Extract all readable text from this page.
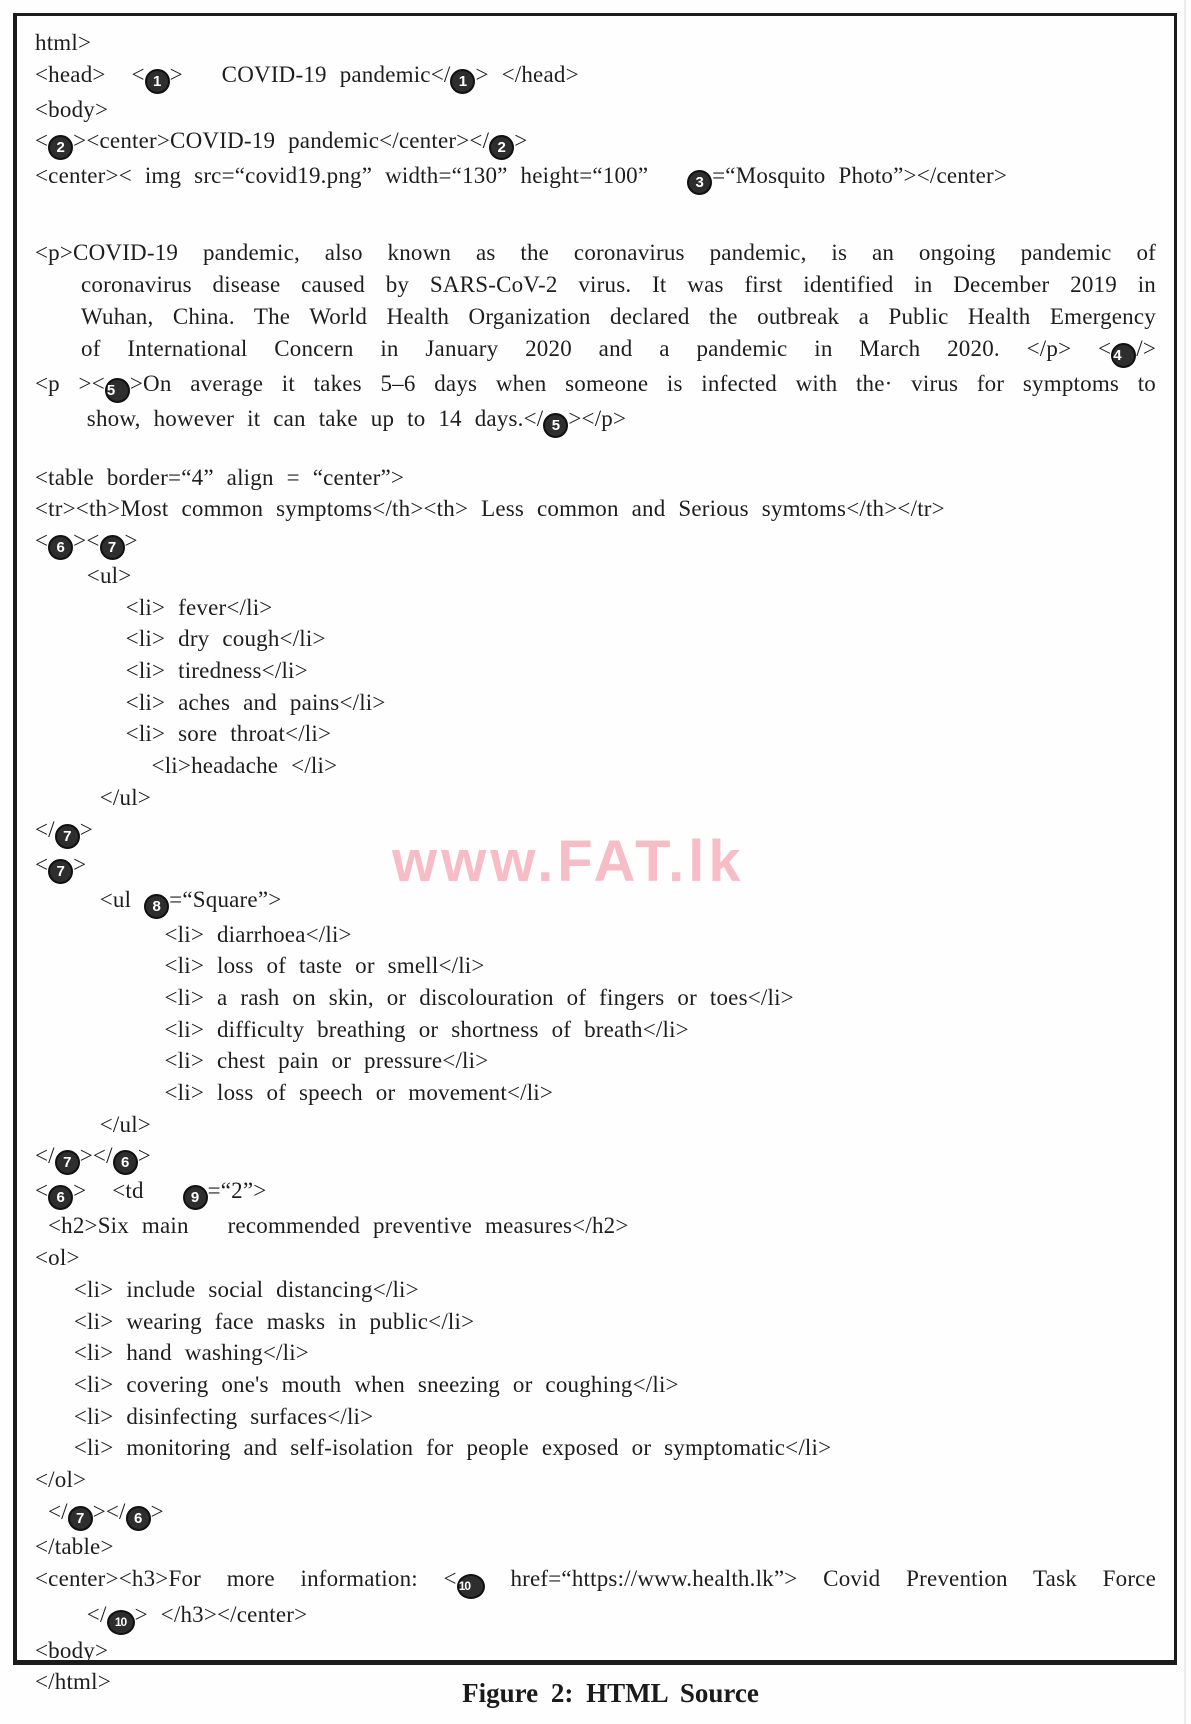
html>
<head>  < 1 >   COVID-19 pandemic</ 1 > </head>
<body>
< 2 ><center>COVID-19 pandemic</center></ 2 >
<center>< img src=“covid19.png” width=“130” height=“100”   3 =“Mosquito Photo”></center>
<p>COVID-19 pandemic, also known as the coronavirus pandemic, is an ongoing pandemic of
coronavirus disease caused by SARS-CoV-2 virus. It was first identified in December 2019 in
Wuhan, China. The World Health Organization declared the outbreak a Public Health Emergency
of International Concern in January 2020 and a pandemic in March 2020. </p> < 4 />
<p >< 5 >On average it takes 5–6 days when someone is infected with the· virus for symptoms to
show, however it can take up to 14 days.</ 5 ></p>
<table border=“4” align = “center”>
<tr><th>Most common symptoms</th><th> Less common and Serious symtoms</th></tr>
< 6 >< 7 >
<ul>
<li> fever</li>
<li> dry cough</li>
<li> tiredness</li>
<li> aches and pains</li>
<li> sore throat</li>
<li>headache </li>
</ul>
</ 7 >
< 7 >
<ul 8 =“Square”>
<li> diarrhoea</li>
<li> loss of taste or smell</li>
<li> a rash on skin, or discolouration of fingers or toes</li>
<li> difficulty breathing or shortness of breath</li>
<li> chest pain or pressure</li>
<li> loss of speech or movement</li>
</ul>
</ 7 ></ 6 >
< 6 >  <td   9 =“2”>
<h2>Six main   recommended preventive measures</h2>
<ol>
<li> include social distancing</li>
<li> wearing face masks in public</li>
<li> hand washing</li>
<li> covering one's mouth when sneezing or coughing</li>
<li> disinfecting surfaces</li>
<li> monitoring and self-isolation for people exposed or symptomatic</li>
</ol>
</ 7 ></ 6 >
</table>
<center><h3>For more information: < 10 href=“https://www.health.lk”> Covid Prevention Task Force
</ 10 > </h3></center>
<body>
</html>
www.FAT.lk
Figure 2: HTML Source
